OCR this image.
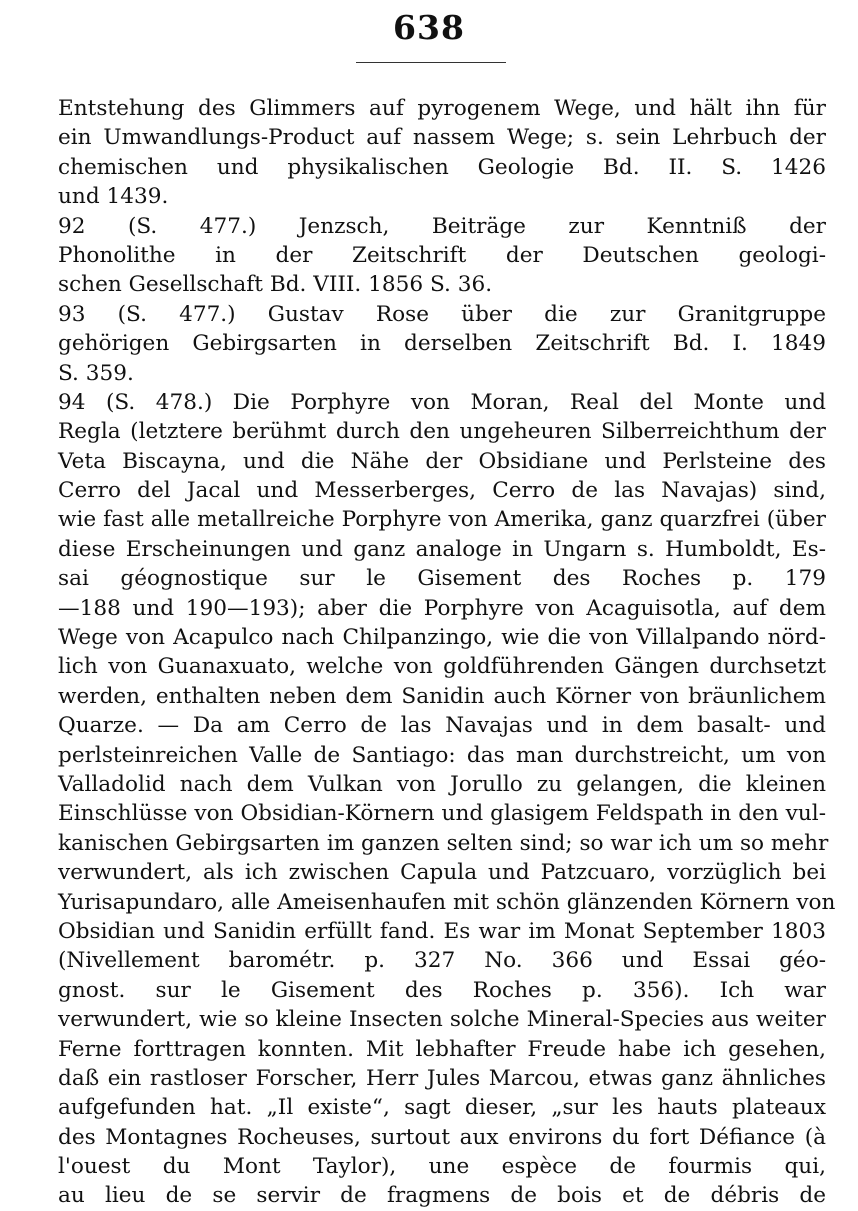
638
Entstehung des Glimmers auf pyrogenem Wege, und hält ihn für
ein Umwandlungs-Product auf nassem Wege; s. sein Lehrbuch der
chemischen und physikalischen Geologie Bd. II. S. 1426
und 1439.
92 (S. 477.) Jenzsch, Beiträge zur Kenntniß der
Phonolithe in der Zeitschrift der Deutschen geologi-
schen Gesellschaft Bd. VIII. 1856 S. 36.
93 (S. 477.) Gustav Rose über die zur Granitgruppe
gehörigen Gebirgsarten in derselben Zeitschrift Bd. I. 1849
S. 359.
94 (S. 478.) Die Porphyre von Moran, Real del Monte und
Regla (letztere berühmt durch den ungeheuren Silberreichthum der
Veta Biscayna, und die Nähe der Obsidiane und Perlsteine des
Cerro del Jacal und Messerberges, Cerro de las Navajas) sind,
wie fast alle metallreiche Porphyre von Amerika, ganz quarzfrei (über
diese Erscheinungen und ganz analoge in Ungarn s. Humboldt, Es-
sai géognostique sur le Gisement des Roches p. 179
—188 und 190—193); aber die Porphyre von Acaguisotla, auf dem
Wege von Acapulco nach Chilpanzingo, wie die von Villalpando nörd-
lich von Guanaxuato, welche von goldführenden Gängen durchsetzt
werden, enthalten neben dem Sanidin auch Körner von bräunlichem
Quarze. — Da am Cerro de las Navajas und in dem basalt- und
perlsteinreichen Valle de Santiago: das man durchstreicht, um von
Valladolid nach dem Vulkan von Jorullo zu gelangen, die kleinen
Einschlüsse von Obsidian-Körnern und glasigem Feldspath in den vul-
kanischen Gebirgsarten im ganzen selten sind; so war ich um so mehr
verwundert, als ich zwischen Capula und Patzcuaro, vorzüglich bei
Yurisapundaro, alle Ameisenhaufen mit schön glänzenden Körnern von
Obsidian und Sanidin erfüllt fand. Es war im Monat September 1803
(Nivellement barométr. p. 327 No. 366 und Essai géo-
gnost. sur le Gisement des Roches p. 356). Ich war
verwundert, wie so kleine Insecten solche Mineral-Species aus weiter
Ferne forttragen konnten. Mit lebhafter Freude habe ich gesehen,
daß ein rastloser Forscher, Herr Jules Marcou, etwas ganz ähnliches
aufgefunden hat. „Il existe“, sagt dieser, „sur les hauts plateaux
des Montagnes Rocheuses, surtout aux environs du fort Défiance (à l'ouest du Mont Taylor), une espèce de fourmis qui,
au lieu de se servir de fragmens de bois et de débris de
